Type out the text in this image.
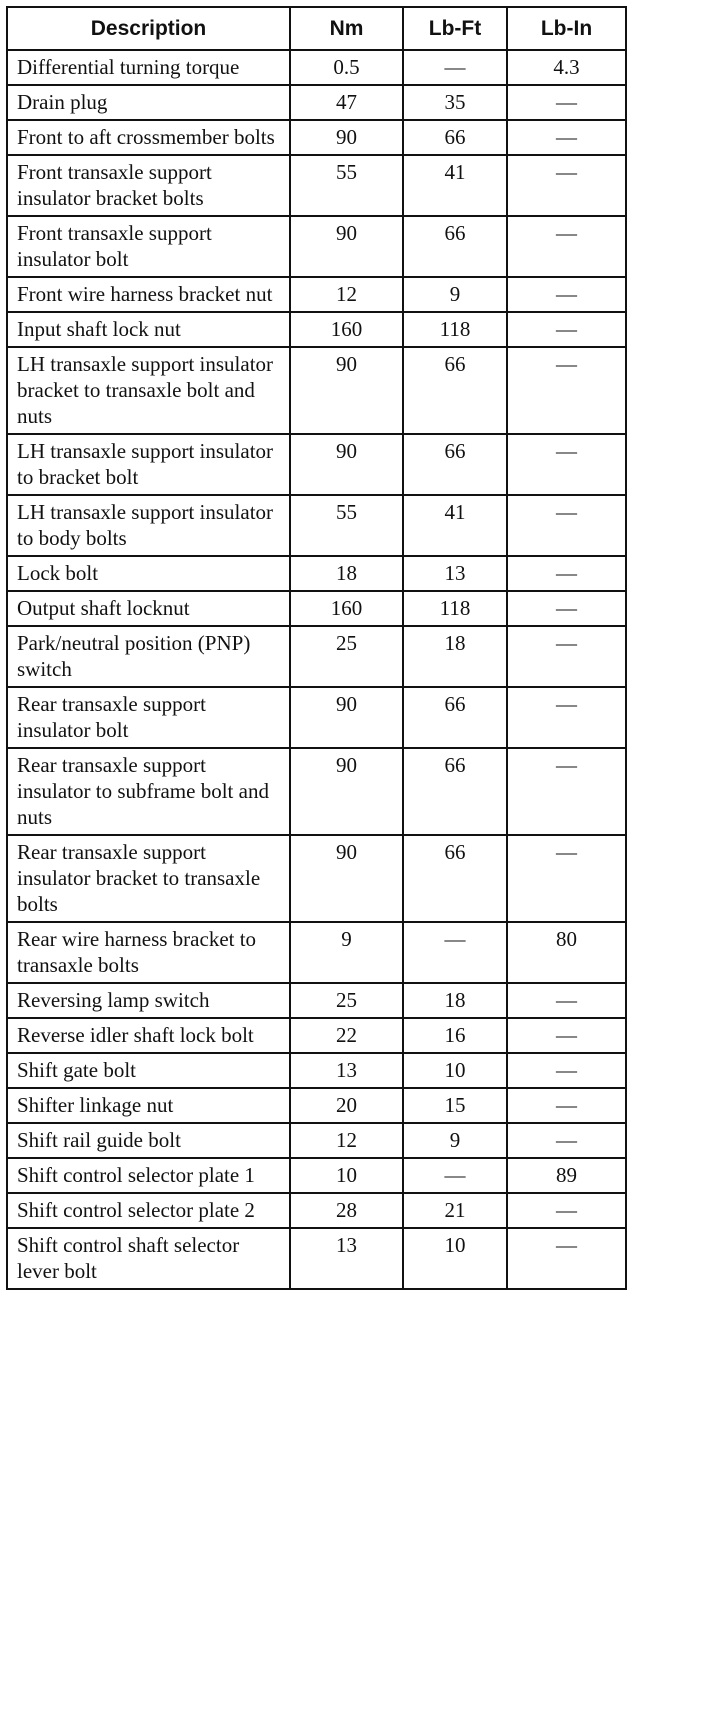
Description	Nm	Lb-Ft	Lb-In
Differential turning torque	0.5	—	4.3
Drain plug	47	35	—
Front to aft crossmember bolts	90	66	—
Front transaxle support insulator bracket bolts	55	41	—
Front transaxle support insulator bolt	90	66	—
Front wire harness bracket nut	12	9	—
Input shaft lock nut	160	118	—
LH transaxle support insulator bracket to transaxle bolt and nuts	90	66	—
LH transaxle support insulator to bracket bolt	90	66	—
LH transaxle support insulator to body bolts	55	41	—
Lock bolt	18	13	—
Output shaft locknut	160	118	—
Park/neutral position (PNP) switch	25	18	—
Rear transaxle support insulator bolt	90	66	—
Rear transaxle support insulator to subframe bolt and nuts	90	66	—
Rear transaxle support insulator bracket to transaxle bolts	90	66	—
Rear wire harness bracket to transaxle bolts	9	—	80
Reversing lamp switch	25	18	—
Reverse idler shaft lock bolt	22	16	—
Shift gate bolt	13	10	—
Shifter linkage nut	20	15	—
Shift rail guide bolt	12	9	—
Shift control selector plate 1	10	—	89
Shift control selector plate 2	28	21	—
Shift control shaft selector lever bolt	13	10	—
